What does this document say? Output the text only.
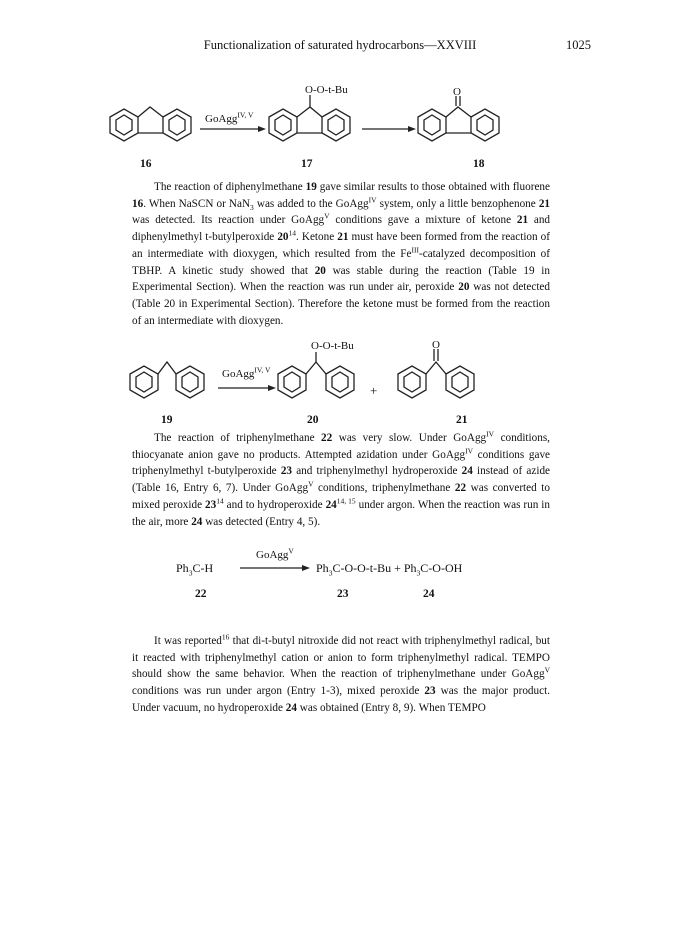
Functionalization of saturated hydrocarbons—XXVIII	1025
GoAgg$^{IV, V}$
O-O-t-Bu	O
16	17	18

The reaction of diphenylmethane 19 gave similar results to those obtained with fluorene 16. When NaSCN or NaN$_3$ was added to the GoAgg$^{IV}$ system, only a little benzophenone 21 was detected. Its reaction under GoAgg$^V$ conditions gave a mixture of ketone 21 and diphenylmethyl t-butylperoxide $20^{14}$. Ketone 21 must have been formed from the reaction of an intermediate with dioxygen, which resulted from the $Fe^{III}$-catalyzed decomposition of TBHP. A kinetic study showed that 20 was stable during the reaction (Table 19 in Experimental Section). When the reaction was run under air, peroxide 20 was not detected (Table 20 in Experimental Section). Therefore the ketone must be formed from the reaction of an intermediate with dioxygen.

GoAgg$^{IV, V}$
O-O-t-Bu	O
+
19	20	21

The reaction of triphenylmethane 22 was very slow. Under GoAgg$^{IV}$ conditions, thiocyanate anion gave no products. Attempted azidation under GoAgg$^{IV}$ conditions gave triphenylmethyl t-butylperoxide 23 and triphenylmethyl hydroperoxide 24 instead of azide (Table 16, Entry 6, 7). Under GoAgg$^V$ conditions, triphenylmethane 22 was converted to mixed peroxide $23^{14}$ and to hydroperoxide 24$^{14, 15}$ under argon. When the reaction was run in the air, more 24 was detected (Entry 4, 5).

$Ph_3C-H$
GoAgg$^V$
$Ph_3C-O-O-t-Bu + Ph_3C-O-OH$
22	23	24

It was reported$^{16}$ that di-t-butyl nitroxide did not react with triphenylmethyl radical, but it reacted with triphenylmethyl cation or anion to form triphenylmethyl radical. TEMPO should show the same behavior. When the reaction of triphenylmethane under GoAgg$^V$ conditions was run under argon (Entry 1-3), mixed peroxide 23 was the major product. Under vacuum, no hydroperoxide 24 was obtained (Entry 8, 9). When TEMPO
